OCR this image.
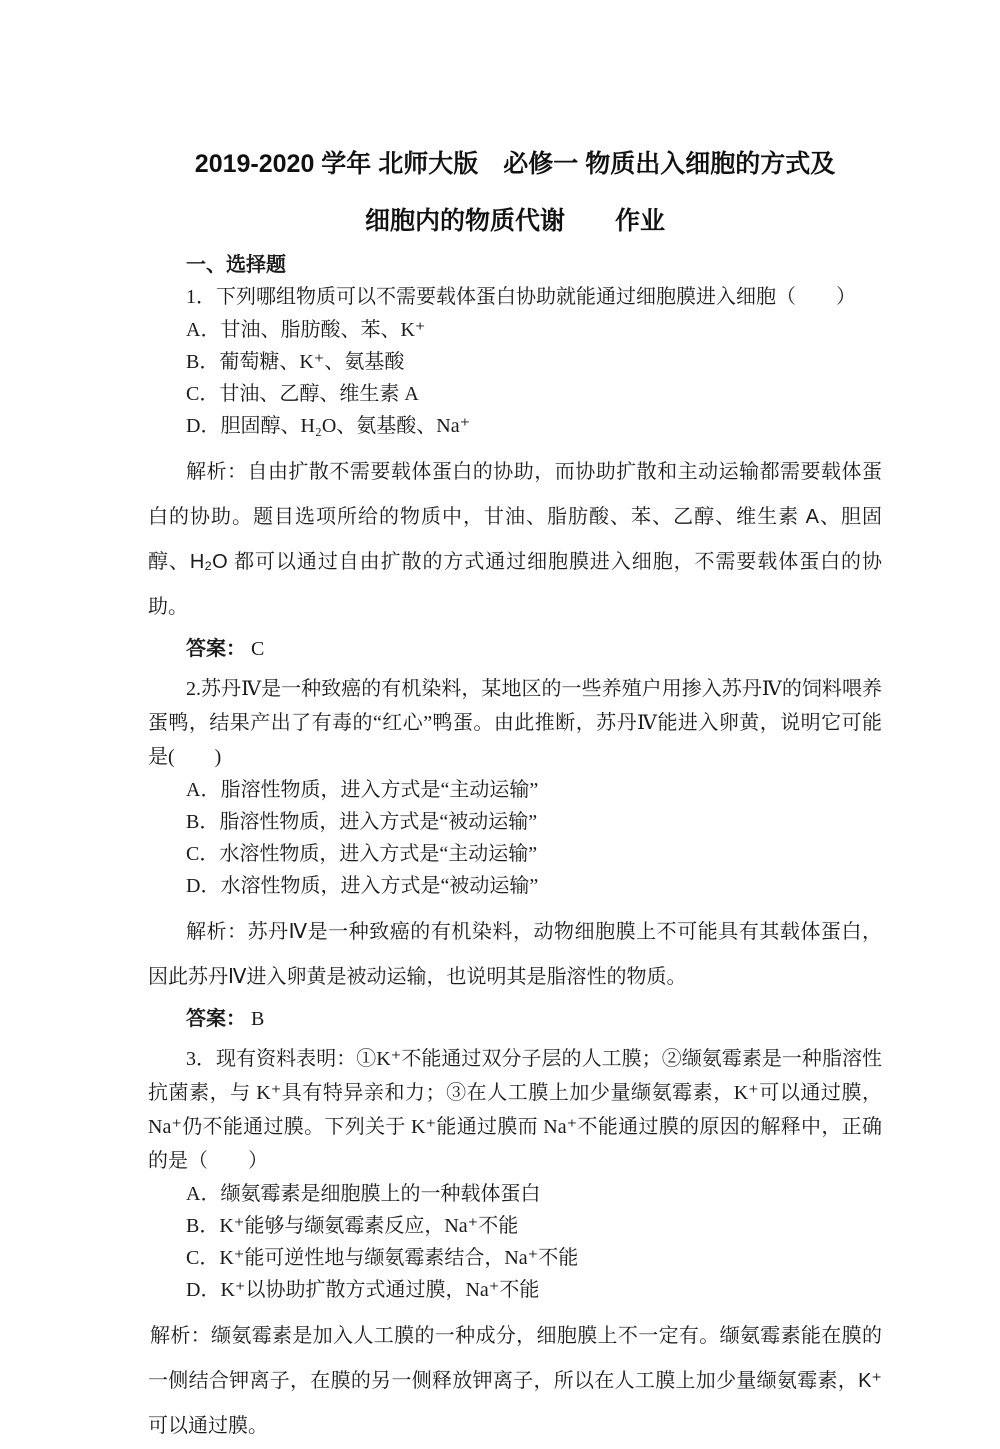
2019-2020 学年 北师大版　必修一 物质出入细胞的方式及
细胞内的物质代谢　　作业

一、选择题

1．下列哪组物质可以不需要载体蛋白协助就能通过细胞膜进入细胞（　　）

A．甘油、脂肪酸、苯、K⁺

B．葡萄糖、K⁺、氨基酸

C．甘油、乙醇、维生素 A

D．胆固醇、H₂O、氨基酸、Na⁺

解析：自由扩散不需要载体蛋白的协助，而协助扩散和主动运输都需要载体蛋白的协助。题目选项所给的物质中，甘油、脂肪酸、苯、乙醇、维生素 A、胆固醇、H₂O 都可以通过自由扩散的方式通过细胞膜进入细胞，不需要载体蛋白的协助。

答案： C

2.苏丹Ⅳ是一种致癌的有机染料，某地区的一些养殖户用掺入苏丹Ⅳ的饲料喂养蛋鸭，结果产出了有毒的“红心”鸭蛋。由此推断，苏丹Ⅳ能进入卵黄，说明它可能是(　　)

A．脂溶性物质，进入方式是“主动运输”

B．脂溶性物质，进入方式是“被动运输”

C．水溶性物质，进入方式是“主动运输”

D．水溶性物质，进入方式是“被动运输”

解析：苏丹Ⅳ是一种致癌的有机染料，动物细胞膜上不可能具有其载体蛋白，因此苏丹Ⅳ进入卵黄是被动运输，也说明其是脂溶性的物质。

答案： B

3．现有资料表明：①K⁺不能通过双分子层的人工膜；②缬氨霉素是一种脂溶性抗菌素，与 K⁺具有特异亲和力；③在人工膜上加少量缬氨霉素，K⁺可以通过膜，Na⁺仍不能通过膜。下列关于 K⁺能通过膜而 Na⁺不能通过膜的原因的解释中，正确的是（　　）

A．缬氨霉素是细胞膜上的一种载体蛋白

B．K⁺能够与缬氨霉素反应，Na⁺不能

C．K⁺能可逆性地与缬氨霉素结合，Na⁺不能

D．K⁺以协助扩散方式通过膜，Na⁺不能

解析：缬氨霉素是加入人工膜的一种成分，细胞膜上不一定有。缬氨霉素能在膜的一侧结合钾离子，在膜的另一侧释放钾离子，所以在人工膜上加少量缬氨霉素，K⁺可以通过膜。
